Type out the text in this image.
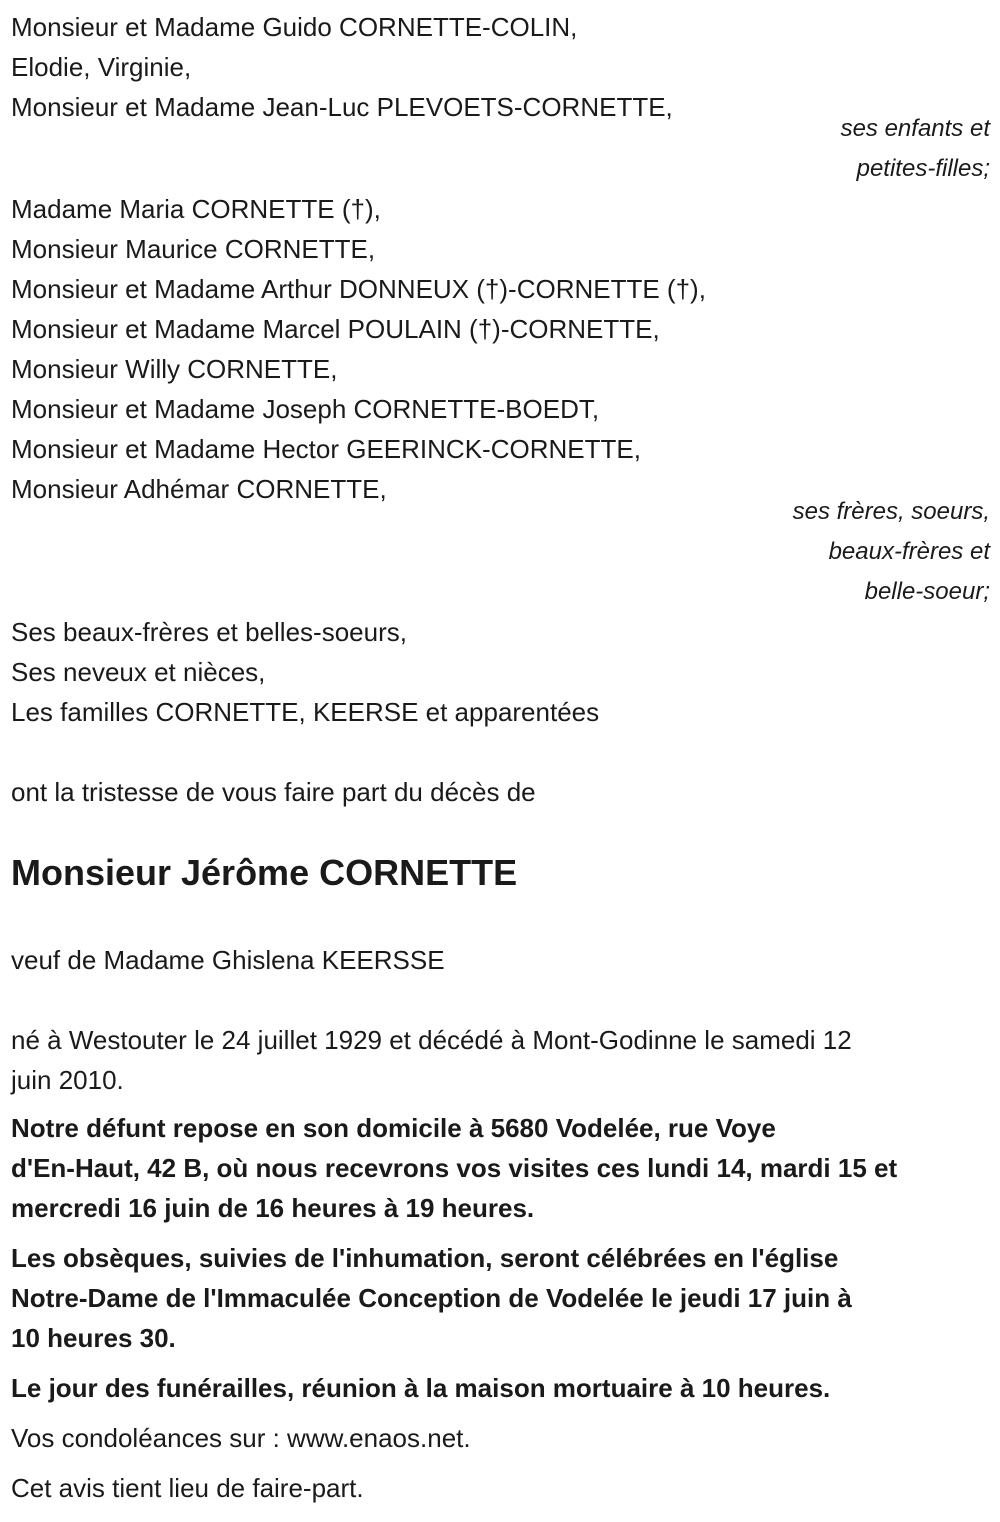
Monsieur et Madame Guido CORNETTE-COLIN,
Elodie, Virginie,
Monsieur et Madame Jean-Luc PLEVOETS-CORNETTE,
ses enfants et
petites-filles;
Madame Maria CORNETTE (†),
Monsieur Maurice CORNETTE,
Monsieur et Madame Arthur DONNEUX (†)-CORNETTE (†),
Monsieur et Madame Marcel POULAIN (†)-CORNETTE,
Monsieur Willy CORNETTE,
Monsieur et Madame Joseph CORNETTE-BOEDT,
Monsieur et Madame Hector GEERINCK-CORNETTE,
Monsieur Adhémar CORNETTE,
ses frères, soeurs,
beaux-frères et
belle-soeur;
Ses beaux-frères et belles-soeurs,
Ses neveux et nièces,
Les familles CORNETTE, KEERSE et apparentées
ont la tristesse de vous faire part du décès de
Monsieur Jérôme CORNETTE
veuf de Madame Ghislena KEERSSE
né à Westouter le 24 juillet 1929 et décédé à Mont-Godinne le samedi 12
juin 2010.
Notre défunt repose en son domicile à 5680 Vodelée, rue Voye
d'En-Haut, 42 B, où nous recevrons vos visites ces lundi 14, mardi 15 et
mercredi 16 juin de 16 heures à 19 heures.
Les obsèques, suivies de l'inhumation, seront célébrées en l'église
Notre-Dame de l'Immaculée Conception de Vodelée le jeudi 17 juin à
10 heures 30.
Le jour des funérailles, réunion à la maison mortuaire à 10 heures.
Vos condoléances sur : www.enaos.net.
Cet avis tient lieu de faire-part.
